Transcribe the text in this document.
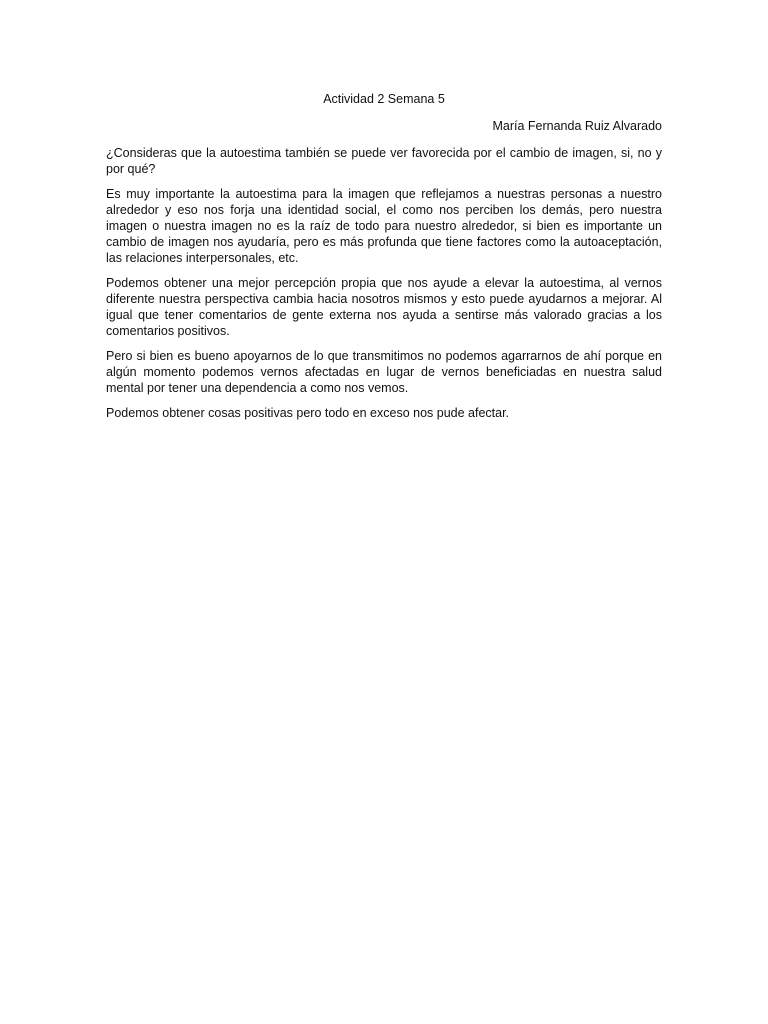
Actividad 2 Semana 5

María Fernanda Ruiz Alvarado

¿Consideras que la autoestima también se puede ver favorecida por el cambio de imagen, si, no y por qué?

Es muy importante la autoestima para la imagen que reflejamos a nuestras personas a nuestro alrededor y eso nos forja una identidad social, el como nos perciben los demás, pero nuestra imagen o nuestra imagen no es la raíz de todo para nuestro alrededor, si bien es importante un cambio de imagen nos ayudaría, pero es más profunda que tiene factores como la autoaceptación, las relaciones interpersonales, etc.

Podemos obtener una mejor percepción propia que nos ayude a elevar la autoestima, al vernos diferente nuestra perspectiva cambia hacia nosotros mismos y esto puede ayudarnos a mejorar. Al igual que tener comentarios de gente externa nos ayuda a sentirse más valorado gracias a los comentarios positivos.

Pero si bien es bueno apoyarnos de lo que transmitimos no podemos agarrarnos de ahí porque en algún momento podemos vernos afectadas en lugar de vernos beneficiadas en nuestra salud mental por tener una dependencia a como nos vemos.

Podemos obtener cosas positivas pero todo en exceso nos pude afectar.
